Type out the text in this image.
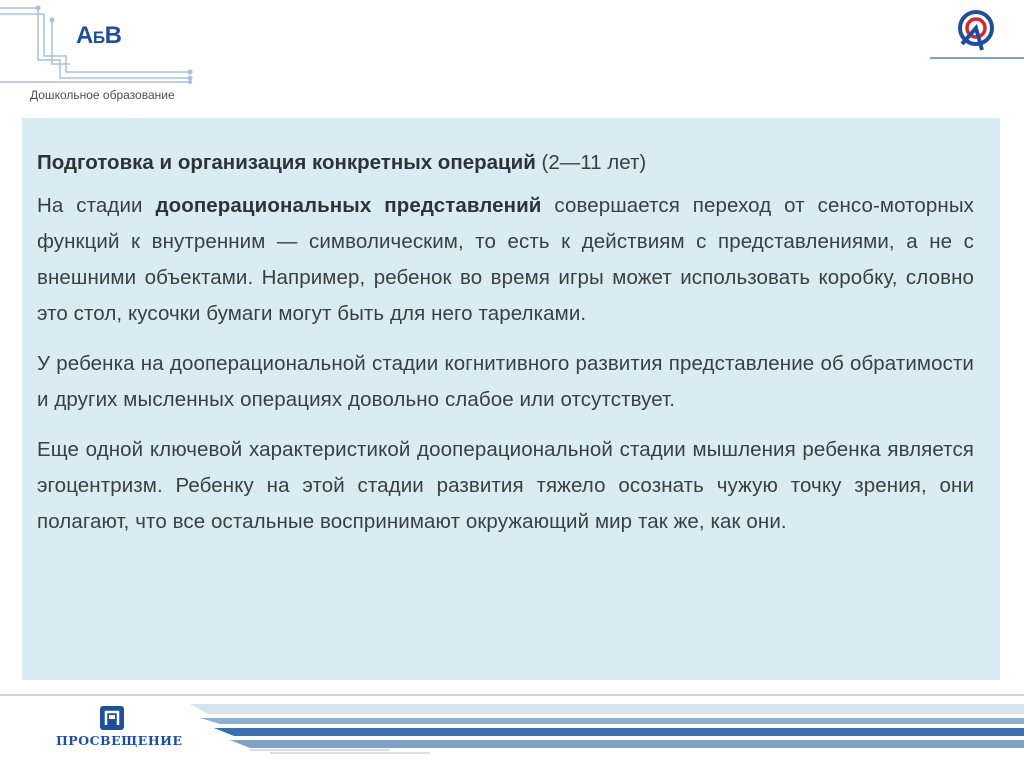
АБВ
Дошкольное образование

Подготовка и организация конкретных операций (2—11 лет)

На стадии дооперациональных представлений совершается переход от сенсо-моторных функций к внутренним — символическим, то есть к действиям с представлениями, а не с внешними объектами. Например, ребенок во время игры может использовать коробку, словно это стол, кусочки бумаги могут быть для него тарелками.

У ребенка на дооперациональной стадии когнитивного развития представление об обратимости и других мысленных операциях довольно слабое или отсутствует.

Еще одной ключевой характеристикой дооперациональной стадии мышления ребенка является эгоцентризм. Ребенку на этой стадии развития тяжело осознать чужую точку зрения, они полагают, что все остальные воспринимают окружающий мир так же, как они.

ПРОСВЕЩЕНИЕ
